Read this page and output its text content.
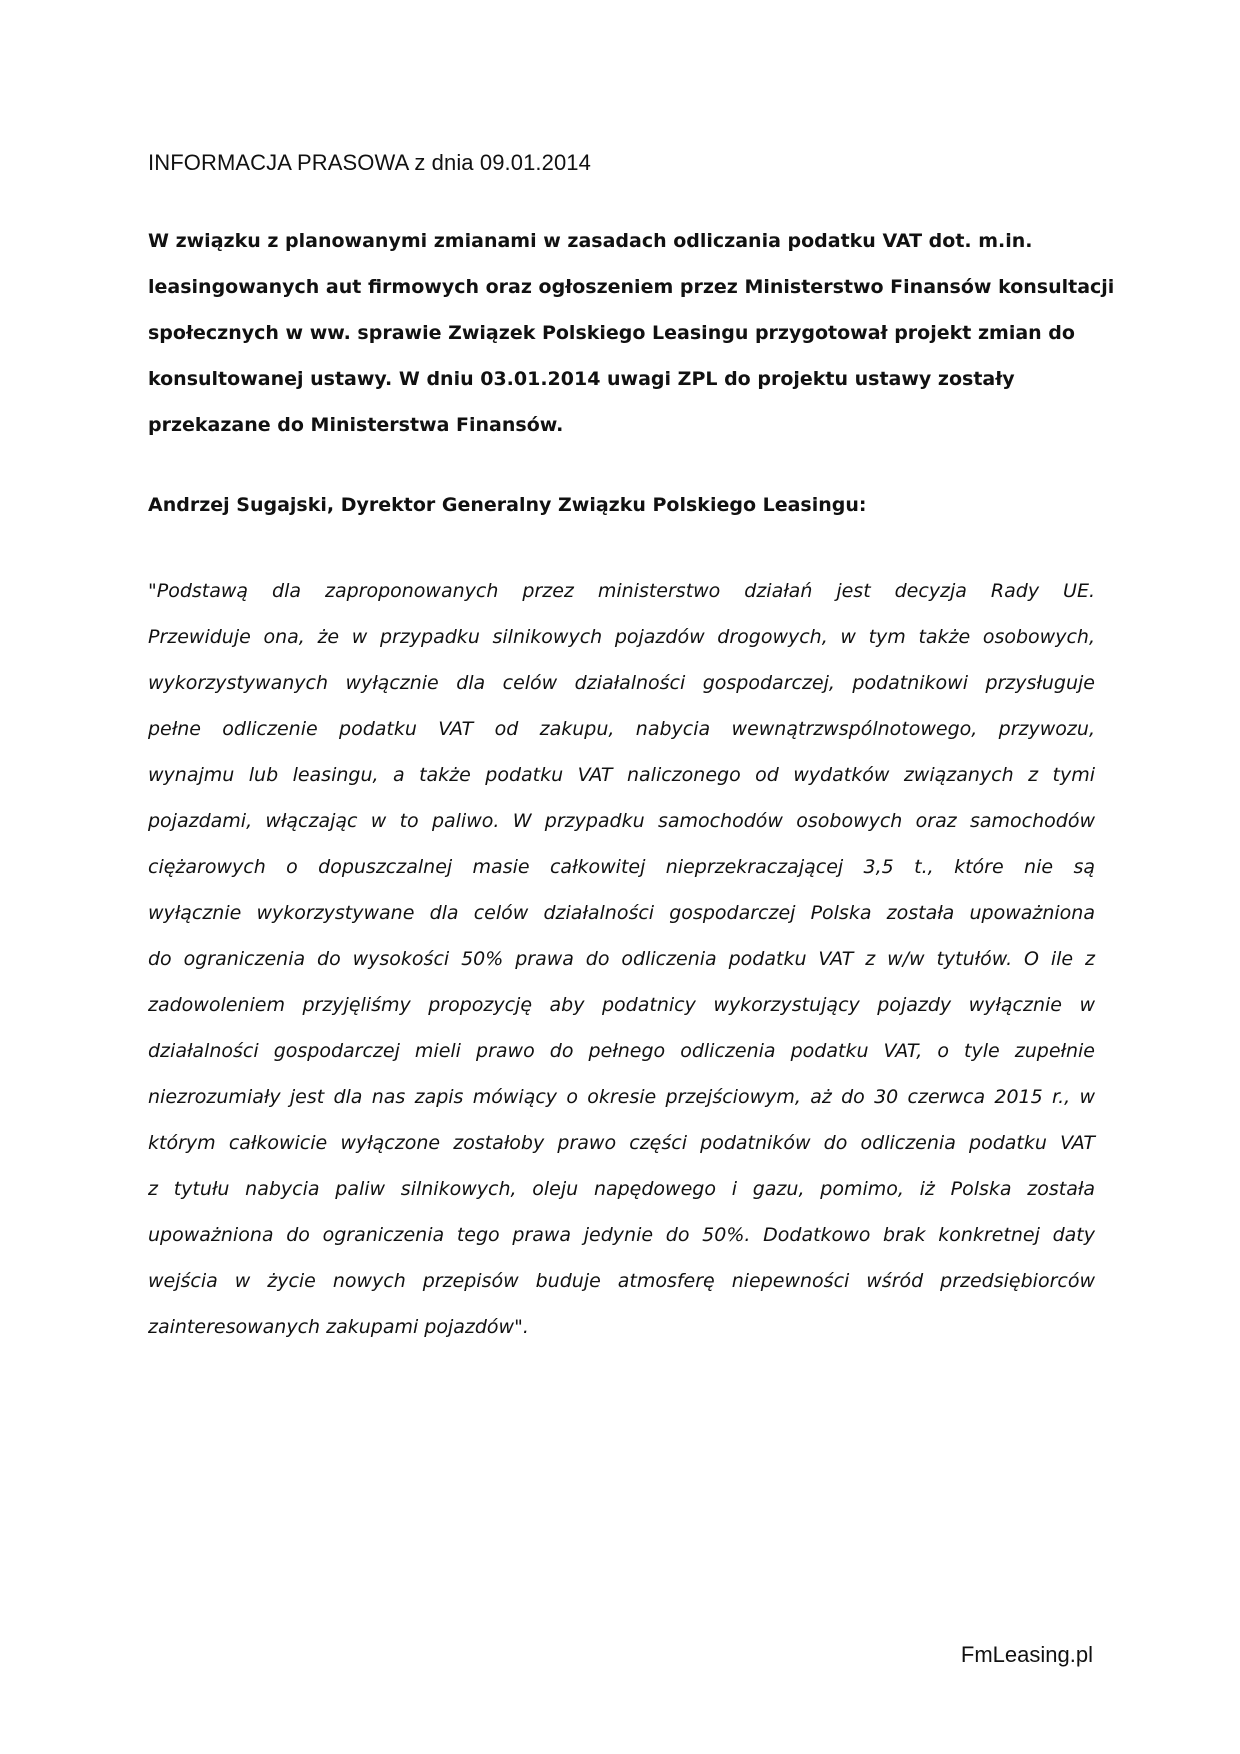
INFORMACJA PRASOWA z dnia 09.01.2014
W związku z planowanymi zmianami w zasadach odliczania podatku VAT dot. m.in.
leasingowanych aut firmowych oraz ogłoszeniem przez Ministerstwo Finansów konsultacji
społecznych w ww. sprawie Związek Polskiego Leasingu przygotował projekt zmian do
konsultowanej ustawy. W dniu 03.01.2014 uwagi ZPL do projektu ustawy zostały
przekazane do Ministerstwa Finansów.
Andrzej Sugajski, Dyrektor Generalny Związku Polskiego Leasingu:
"Podstawą dla zaproponowanych przez ministerstwo działań jest decyzja Rady UE.
Przewiduje ona, że w przypadku silnikowych pojazdów drogowych, w tym także osobowych,
wykorzystywanych wyłącznie dla celów działalności gospodarczej, podatnikowi przysługuje
pełne odliczenie podatku VAT od zakupu, nabycia wewnątrzwspólnotowego, przywozu,
wynajmu lub leasingu, a także podatku VAT naliczonego od wydatków związanych z tymi
pojazdami, włączając w to paliwo. W przypadku samochodów osobowych oraz samochodów
ciężarowych o dopuszczalnej masie całkowitej nieprzekraczającej 3,5 t., które nie są
wyłącznie wykorzystywane dla celów działalności gospodarczej Polska została upoważniona
do ograniczenia do wysokości 50% prawa do odliczenia podatku VAT z w/w tytułów. O ile z
zadowoleniem przyjęliśmy propozycję aby podatnicy wykorzystujący pojazdy wyłącznie w
działalności gospodarczej mieli prawo do pełnego odliczenia podatku VAT, o tyle zupełnie
niezrozumiały jest dla nas zapis mówiący o okresie przejściowym, aż do 30 czerwca 2015 r., w
którym całkowicie wyłączone zostałoby prawo części podatników do odliczenia podatku VAT
z tytułu nabycia paliw silnikowych, oleju napędowego i gazu, pomimo, iż Polska została
upoważniona do ograniczenia tego prawa jedynie do 50%. Dodatkowo brak konkretnej daty
wejścia w życie nowych przepisów buduje atmosferę niepewności wśród przedsiębiorców
zainteresowanych zakupami pojazdów".
FmLeasing.pl
